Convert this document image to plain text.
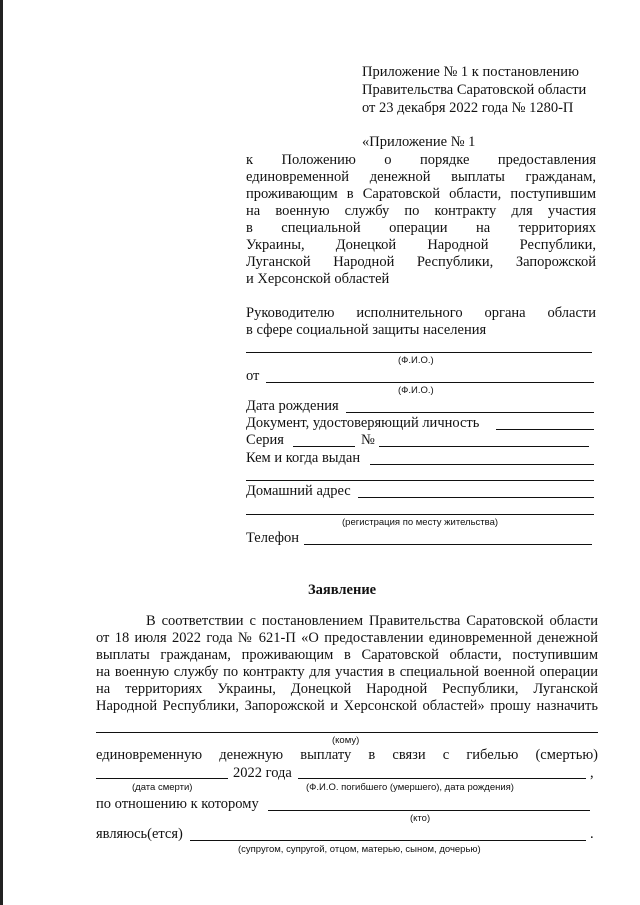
Приложение № 1 к постановлению
Правительства Саратовской области
от 23 декабря 2022 года № 1280-П
«Приложение № 1
к Положению о порядке предоставления
единовременной денежной выплаты гражданам,
проживающим в Саратовской области, поступившим
на военную службу по контракту для участия
в специальной операции на территориях
Украины, Донецкой Народной Республики,
Луганской Народной Республики, Запорожской
и Херсонской областей
Руководителю исполнительного органа области
в сфере социальной защиты населения
(Ф.И.О.)
от
(Ф.И.О.)
Дата рождения
Документ, удостоверяющий личность
Серия	№
Кем и когда выдан
Домашний адрес
(регистрация по месту жительства)
Телефон
Заявление
В соответствии с постановлением Правительства Саратовской области
от 18 июля 2022 года № 621-П «О предоставлении единовременной денежной
выплаты гражданам, проживающим в Саратовской области, поступившим
на военную службу по контракту для участия в специальной военной операции
на территориях Украины, Донецкой Народной Республики, Луганской
Народной Республики, Запорожской и Херсонской областей» прошу назначить
(кому)
единовременную денежную выплату в связи с гибелью (смертью)
2022 года	,
(дата смерти)	(Ф.И.О. погибшего (умершего), дата рождения)
по отношению к которому
(кто)
являюсь(ется)	.
(супругом, супругой, отцом, матерью, сыном, дочерью)
